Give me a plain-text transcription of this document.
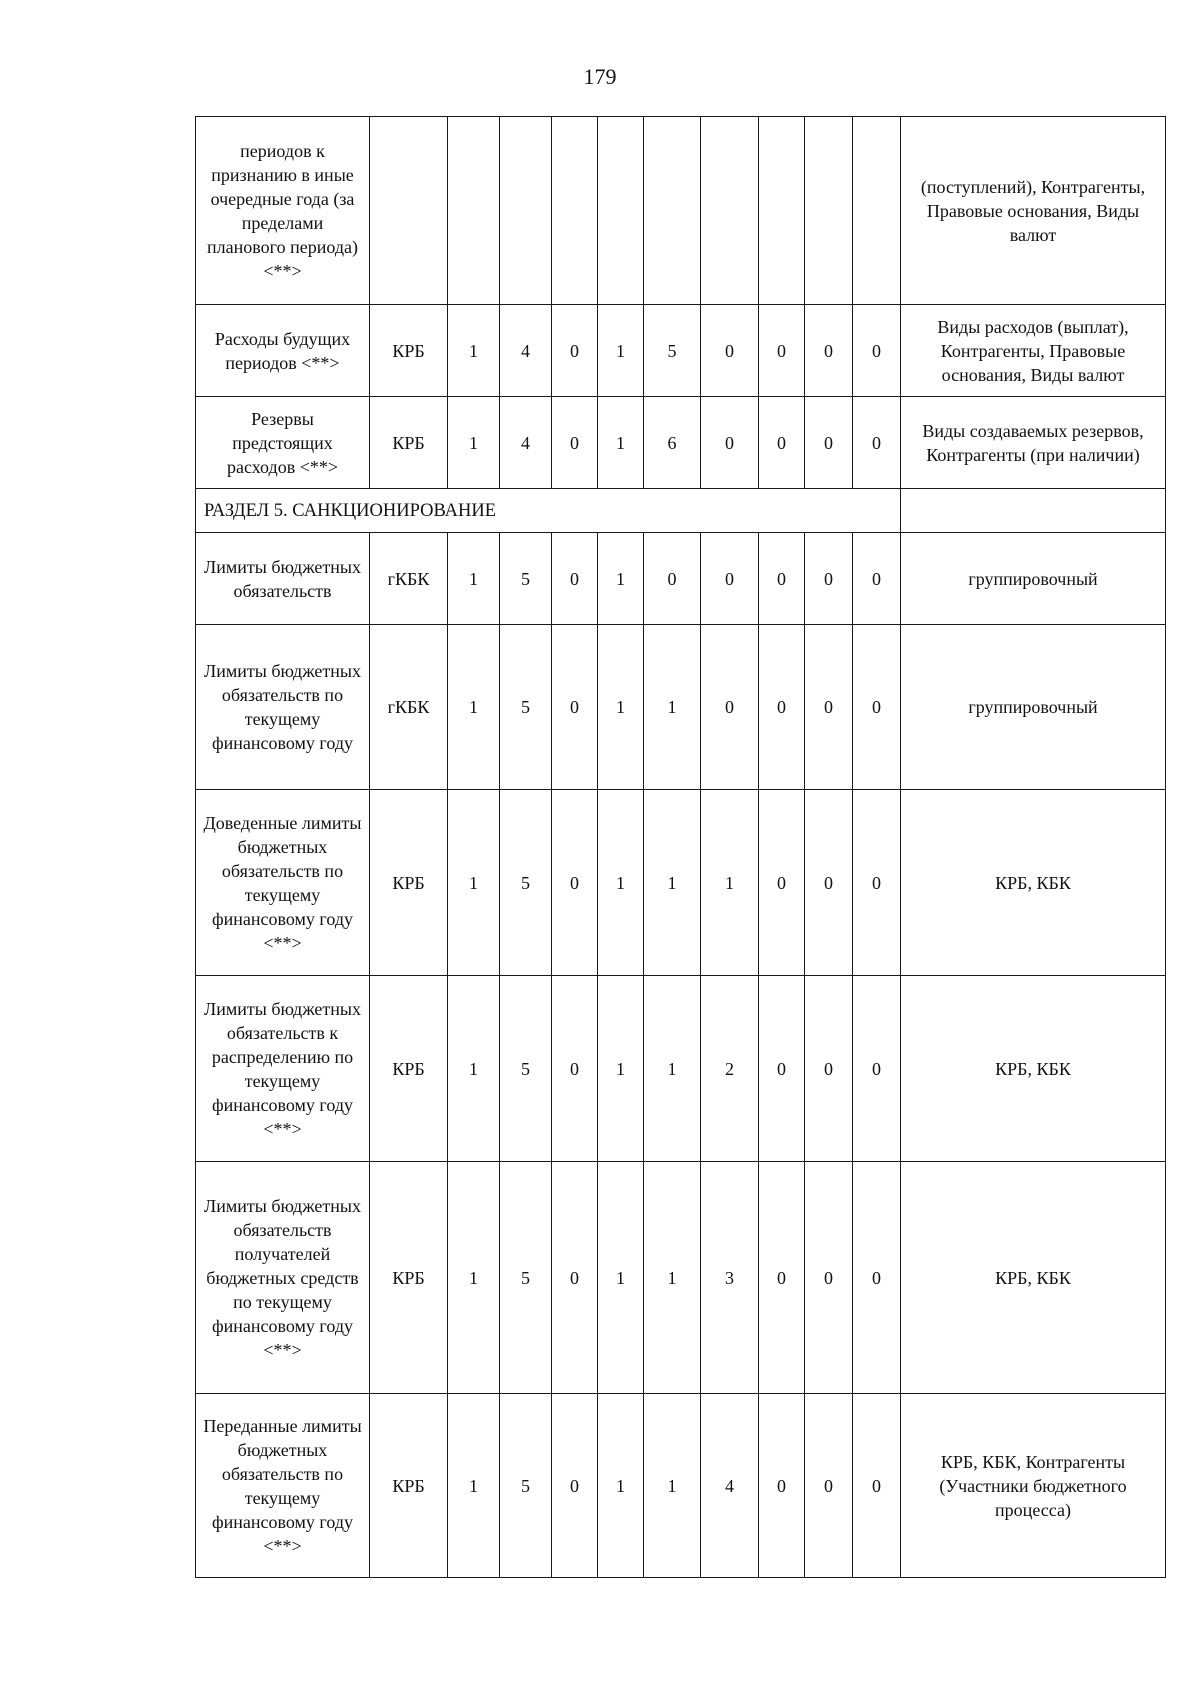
179
периодов к признанию в иные очередные года (за пределами планового периода) <**>											(поступлений), Контрагенты, Правовые основания, Виды валют
Расходы будущих периодов <**>	КРБ	1	4	0	1	5	0	0	0	0	Виды расходов (выплат), Контрагенты, Правовые основания, Виды валют
Резервы предстоящих расходов <**>	КРБ	1	4	0	1	6	0	0	0	0	Виды создаваемых резервов, Контрагенты (при наличии)
РАЗДЕЛ 5. САНКЦИОНИРОВАНИЕ											
Лимиты бюджетных обязательств	гКБК	1	5	0	1	0	0	0	0	0	группировочный
Лимиты бюджетных обязательств по текущему финансовому году	гКБК	1	5	0	1	1	0	0	0	0	группировочный
Доведенные лимиты бюджетных обязательств по текущему финансовому году <**>	КРБ	1	5	0	1	1	1	0	0	0	КРБ, КБК
Лимиты бюджетных обязательств к распределению по текущему финансовому году <**>	КРБ	1	5	0	1	1	2	0	0	0	КРБ, КБК
Лимиты бюджетных обязательств получателей бюджетных средств по текущему финансовому году <**>	КРБ	1	5	0	1	1	3	0	0	0	КРБ, КБК
Переданные лимиты бюджетных обязательств по текущему финансовому году <**>	КРБ	1	5	0	1	1	4	0	0	0	КРБ, КБК, Контрагенты (Участники бюджетного процесса)
